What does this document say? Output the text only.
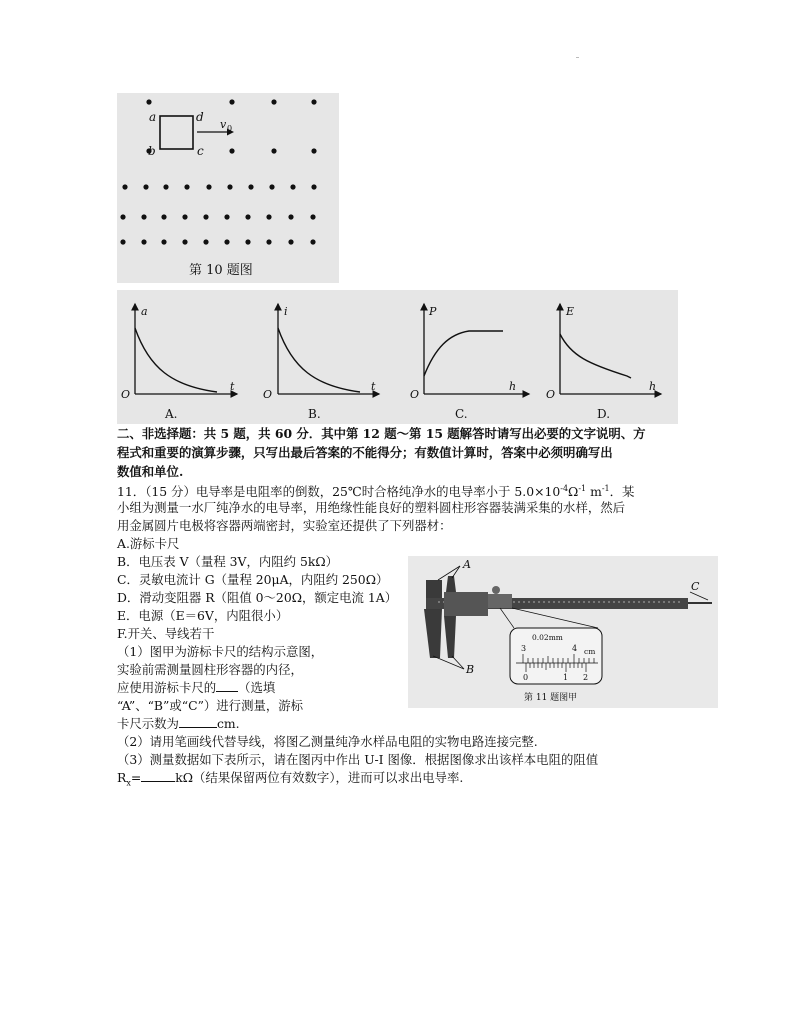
a	d
b	c
v 0
第 10 题图
a
t
O
A.
i
t
O
B.
P
h
O
C.
E
h
O
D.
二、非选择题：共 5 题，共 60 分．其中第 12 题～第 15 题解答时请写出必要的文字说明、方
程式和重要的演算步骤，只写出最后答案的不能得分；有数值计算时，答案中必须明确写出
数值和单位.
11．（15 分）电导率是电阻率的倒数，25℃时合格纯净水的电导率小于 $5.0\times 10^{-4}\Omega^{-1}$ $m^{-1}$．某
小组为测量一水厂纯净水的电导率，用绝缘性能良好的塑料圆柱形容器装满采集的水样，然后
用金属圆片电极将容器两端密封，实验室还提供了下列器材：
A.游标卡尺
B．电压表 V（量程 3V，内阻约 5kΩ）
C．灵敏电流计 G（量程 20μA，内阻约 250Ω）
D．滑动变阻器 R（阻值 0～20Ω，额定电流 1A）
E．电源（E＝6V，内阻很小）
F.开关、导线若干
（1）图甲为游标卡尺的结构示意图，
实验前需测量圆柱形容器的内径，
应使用游标卡尺的 （选填
“A”、“B”或“C”）进行测量，游标
卡尺示数为	cm.
（2）请用笔画线代替导线，将图乙测量纯净水样品电阻的实物电路连接完整.
（3）测量数据如下表所示，请在图丙中作出 U-I 图像．根据图像求出该样本电阻的阻值
$R_x=$	kΩ（结果保留两位有效数字），进而可以求出电导率.
A
B
C
0.02mm
3	4 cm
0	1 2
第 11 题图甲
